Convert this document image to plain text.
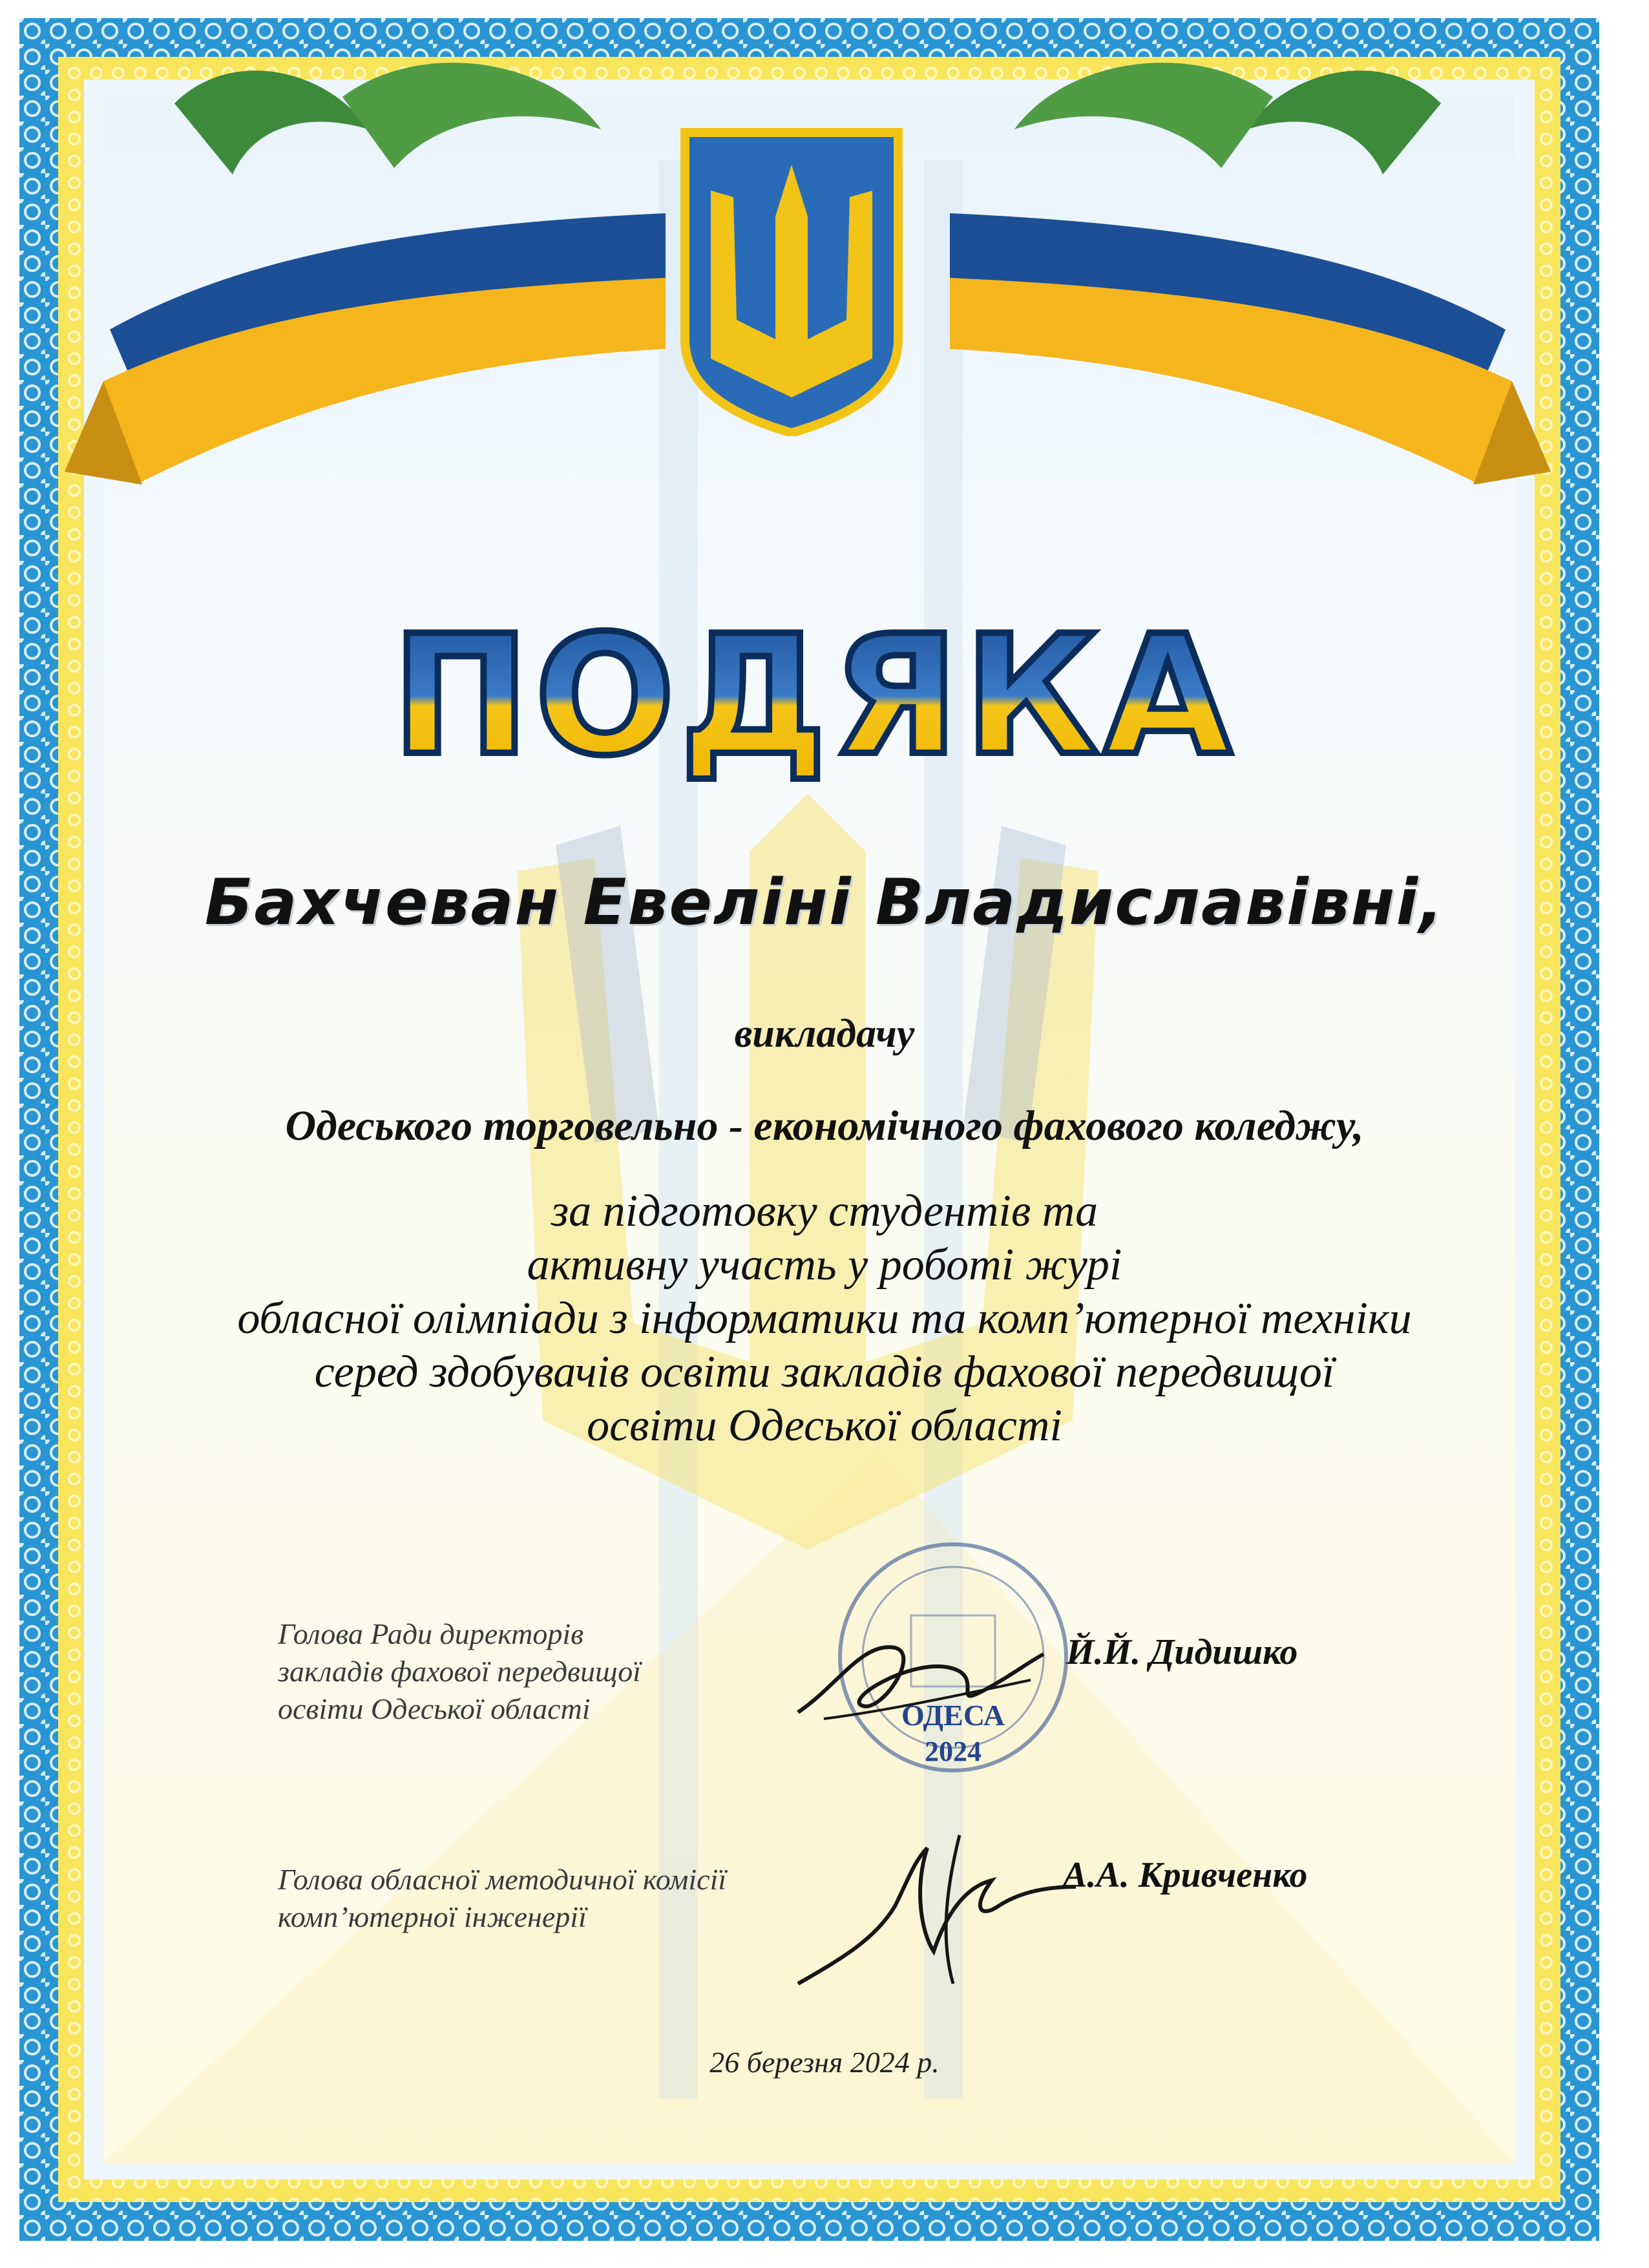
ПОДЯКА
Бахчеван Евеліні Владиславівні,
викладачу
Одеського торговельно - економічного фахового коледжу,
за підготовку студентів та
активну участь у роботі журі
обласної олімпіади з інформатики та комп’ютерної техніки
серед здобувачів освіти закладів фахової передвищої
освіти Одеської області
Голова Ради директорів
закладів фахової передвищої
освіти Одеської області
Й.Й. Дидишко
Голова обласної методичної комісії
комп’ютерної інженерії
А.А. Кривченко
ОДЕСА
2024
26 березня 2024 р.
